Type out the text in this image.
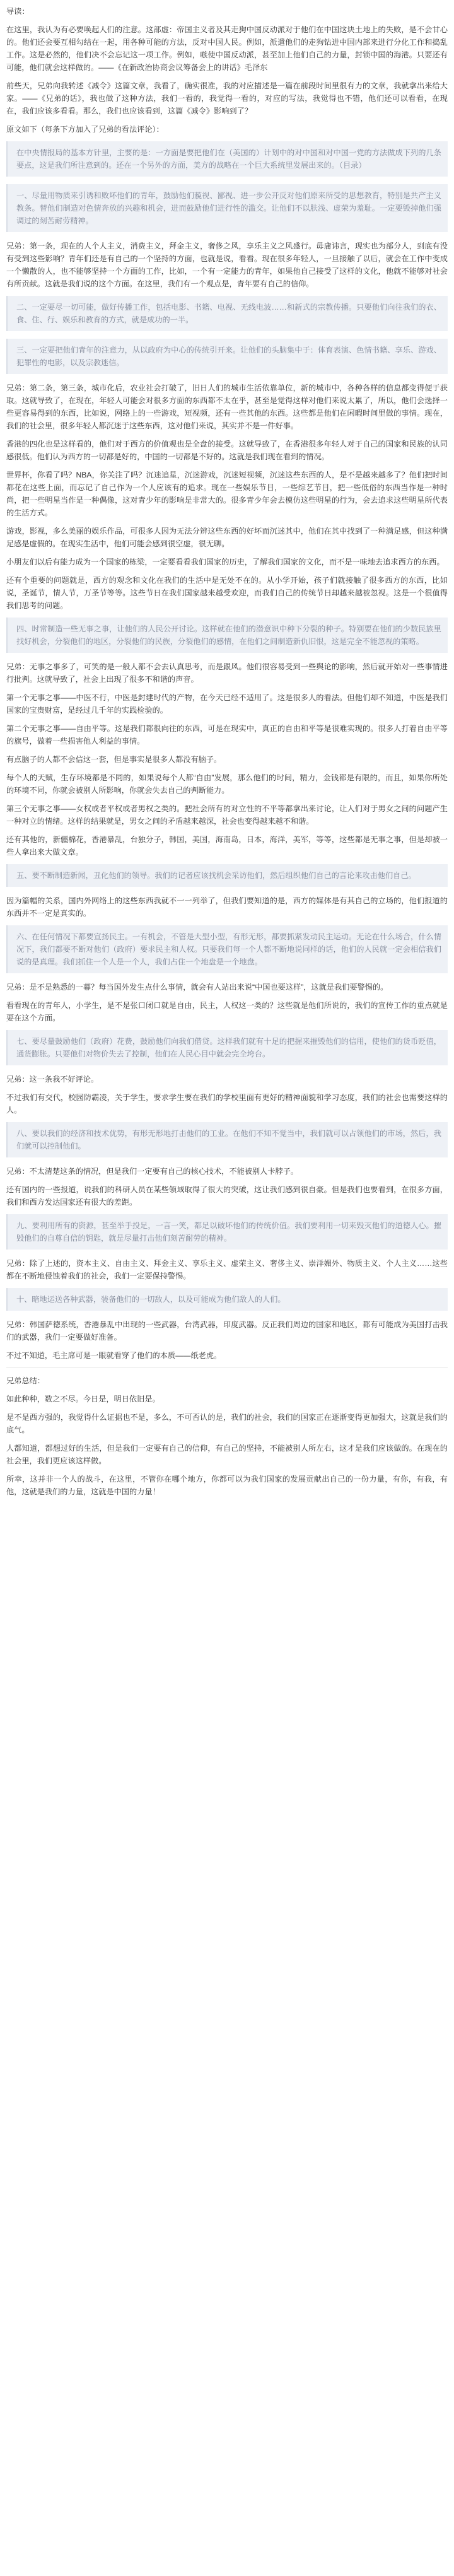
导读：
在这里，我认为有必要唤起人们的注意。这部虚：帝国主义者及其走狗中国反动派对于他们在中国这块土地上的失败，是不会甘心的。他们还会要互相勾结在一起，用各种可能的方法，反对中国人民。例如，派遣他们的走狗钻进中国内部来进行分化工作和捣乱工作。这是必然的，他们决不会忘记这一项工作。例如，嗾使中国反动派，甚至加上他们自己的力量，封锁中国的海港。只要还有可能，他们就会这样做的。——《在新政治协商会议筹备会上的讲话》毛泽东
前些天，兄弟向我转述《减令》这篇文章，我看了，确实很准，我的对应描述是一篇在前段时间里很有力的文章，我就拿出来给大家。——《兄弟的话》，我也做了这种方法，我们一看的，我觉得一看的，对应的写法，我觉得也不错，他们还可以看看，在现在，我们应该多看看。那么，我们也应该看到，这篇《减令》影响到了？
原文如下（每条下方加入了兄弟的看法评论）：
在中央情报局的基本方针里，主要的是：一方面是要把他们在（美国的）计划中的对中国和对中国一党的方法做成下列的几条要点，这是我们所注意到的。还在一个另外的方面，美方的战略在一个巨大系统里发展出来的。（目录）
一、尽量用物质来引诱和败坏他们的青年，鼓励他们藐视、鄙视、进一步公开反对他们原来所受的思想教育，特别是共产主义教条。替他们制造对色情奔放的兴趣和机会，进而鼓励他们进行性的滥交。让他们不以肤浅、虚荣为羞耻。一定要毁掉他们强调过的刻苦耐劳精神。
兄弟：第一条，现在的人个人主义，消费主义，拜金主义，奢侈之风，享乐主义之风盛行。毋庸讳言，现实也为部分人，到底有没有受到这些影响？青年们还是有自己的一个坚持的方面，也就是说，看看。现在很多年轻人，一旦接触了以后，就会在工作中变成一个懒散的人，也不能够坚持一个方面的工作，比如，一个有一定能力的青年，如果他自己接受了这样的文化，他就不能够对社会有所贡献。这就是我们说的这个方面。在这里，我们有一个观点是，青年要有自己的信仰。
二、一定要尽一切可能，做好传播工作，包括电影、书籍、电视、无线电波……和新式的宗教传播。只要他们向往我们的衣、食、住、行、娱乐和教育的方式，就是成功的一半。
三、一定要把他们青年的注意力，从以政府为中心的传统引开来。让他们的头脑集中于：体育表演、色情书籍、享乐、游戏、犯罪性的电影，以及宗教迷信。
兄弟：第二条，第三条，城市化后，农业社会打破了，旧日人们的城市生活依靠单位，新的城市中，各种各样的信息都变得便于获取。这就导致了，在现在，年轻人可能会对很多方面的东西都不太在乎，甚至是觉得这样对他们来说太累了，所以，他们会选择一些更容易得到的东西，比如说，网络上的一些游戏，短视频，还有一些其他的东西。这些都是他们在闲暇时间里做的事情。现在，我们的社会里，很多年轻人都沉迷于这些东西，这对他们来说，其实并不是一件好事。
香港的四化也是这样看的，他们对于西方的价值观也是全盘的接受。这就导致了，在香港很多年轻人对于自己的国家和民族的认同感很低。他们认为西方的一切都是好的，中国的一切都是不好的。这就是我们现在看到的情况。
世界杯，你看了吗？NBA，你关注了吗？沉迷追星，沉迷游戏，沉迷短视频，沉迷这些东西的人，是不是越来越多了？他们把时间都花在这些上面，而忘记了自己作为一个人应该有的追求。现在一些娱乐节目，一些综艺节目，把一些低俗的东西当作是一种时尚，把一些明星当作是一种偶像，这对青少年的影响是非常大的。很多青少年会去模仿这些明星的行为，会去追求这些明星所代表的生活方式。
游戏，影视，多么美丽的娱乐作品，可很多人因为无法分辨这些东西的好坏而沉迷其中，他们在其中找到了一种满足感，但这种满足感是虚假的。在现实生活中，他们可能会感到很空虚，很无聊。
小朋友们以后有能力成为一个国家的栋梁，一定要看看我们国家的历史，了解我们国家的文化，而不是一味地去追求西方的东西。
还有个重要的问题就是，西方的观念和文化在我们的生活中是无处不在的。从小学开始，孩子们就接触了很多西方的东西，比如说，圣诞节，情人节，万圣节等等。这些节日在我们国家越来越受欢迎，而我们自己的传统节日却越来越被忽视。这是一个很值得我们思考的问题。
四、时常制造一些无事之事，让他们的人民公开讨论。这样就在他们的潜意识中种下分裂的种子。特别要在他们的少数民族里找好机会，分裂他们的地区，分裂他们的民族，分裂他们的感情，在他们之间制造新仇旧恨，这是完全不能忽视的策略。
兄弟：无事之事多了，可笑的是一般人都不会去认真思考，而是跟风。他们很容易受到一些舆论的影响，然后就开始对一些事情进行批判。这就导致了，社会上出现了很多不和谐的声音。
第一个无事之事——中医不行，中医是封建时代的产物，在今天已经不适用了。这是很多人的看法。但他们却不知道，中医是我们国家的宝贵财富，是经过几千年的实践检验的。
第二个无事之事——自由平等。这是我们都很向往的东西，可是在现实中，真正的自由和平等是很难实现的。很多人打着自由平等的旗号，做着一些损害他人利益的事情。
有点脑子的人都不会信这一套，但是事实是很多人都没有脑子。
每个人的天赋，生存环境都是不同的，如果说每个人都“自由”发展，那么他们的时间，精力，金钱都是有限的，而且，如果你所处的环境不同，你就会被别人所影响，你就会失去自己的判断能力。
第三个无事之事——女权或者平权或者男权之类的。把社会所有的对立性的不平等都拿出来讨论，让人们对于男女之间的问题产生一种对立的情绪。这样的结果就是，男女之间的矛盾越来越深，社会也变得越来越不和谐。
还有其他的，新疆棉花，香港暴乱，台独分子，韩国，美国，海南岛，日本，海洋，美军，等等，这些都是无事之事，但是却被一些人拿出来大做文章。
五、要不断制造新闻，丑化他们的领导。我们的记者应该找机会采访他们，然后组织他们自己的言论来攻击他们自己。
因为篇幅的关系，国内外网络上的这些东西我就不一一列举了，但我们要知道的是，西方的媒体是有其自己的立场的，他们报道的东西并不一定是真实的。
六、在任何情况下都要宣扬民主。一有机会，不管是大型小型，有形无形，都要抓紧发动民主运动。无论在什么场合，什么情况下，我们都要不断对他们（政府）要求民主和人权。只要我们每一个人都不断地说同样的话，他们的人民就一定会相信我们说的是真理。我们抓住一个人是一个人，我们占住一个地盘是一个地盘。
兄弟：是不是熟悉的一幕？每当国外发生点什么事情，就会有人站出来说“中国也要这样”，这就是我们要警惕的。
看看现在的青年人，小学生，是不是张口闭口就是自由，民主，人权这一类的？这些就是他们所说的，我们的宣传工作的重点就是要在这个方面。
七、要尽量鼓励他们（政府）花费，鼓励他们向我们借贷。这样我们就有十足的把握来摧毁他们的信用，使他们的货币贬值，通货膨胀。只要他们对物价失去了控制，他们在人民心目中就会完全垮台。
兄弟：这一条我不好评论。
不过我们有交代，校园防霸凌，关于学生，要求学生要在我们的学校里面有更好的精神面貌和学习态度，我们的社会也需要这样的人。
八、要以我们的经济和技术优势，有形无形地打击他们的工业。在他们不知不觉当中，我们就可以占领他们的市场，然后，我们就可以控制他们。
兄弟：不太清楚这条的情况，但是我们一定要有自己的核心技术，不能被别人卡脖子。
还有国内的一些报道，说我们的科研人员在某些领域取得了很大的突破，这让我们感到很自豪。但是我们也要看到，在很多方面，我们和西方发达国家还有很大的差距。
九、要利用所有的资源，甚至举手投足，一言一笑，都足以破坏他们的传统价值。我们要利用一切来毁灭他们的道德人心。摧毁他们的自尊自信的钥匙，就是尽量打击他们刻苦耐劳的精神。
兄弟：除了上述的，资本主义、自由主义、拜金主义、享乐主义、虚荣主义、奢侈主义、崇洋媚外、物质主义、个人主义……这些都在不断地侵蚀着我们的社会，我们一定要保持警惕。
十、暗地运送各种武器，装备他们的一切敌人，以及可能成为他们敌人的人们。
兄弟：韩国萨德系统，香港暴乱中出现的一些武器，台湾武器，印度武器。反正我们周边的国家和地区，都有可能成为美国打击我们的武器，我们一定要做好准备。
不过不知道，毛主席可是一眼就看穿了他们的本质——纸老虎。
兄弟总结：
如此种种，数之不尽。今日是，明日依旧是。
是不是西方强的，我觉得什么证据也不是，多么，不可否认的是，我们的社会，我们的国家正在逐渐变得更加强大，这就是我们的底气。
人都知道，都想过好的生活，但是我们一定要有自己的信仰，有自己的坚持，不能被别人所左右，这才是我们应该做的。在现在的社会里，我们更应该这样做。
所幸，这并非一个人的战斗，在这里，不管你在哪个地方，你都可以为我们国家的发展贡献出自己的一份力量，有你，有我，有他，这就是我们的力量，这就是中国的力量！
